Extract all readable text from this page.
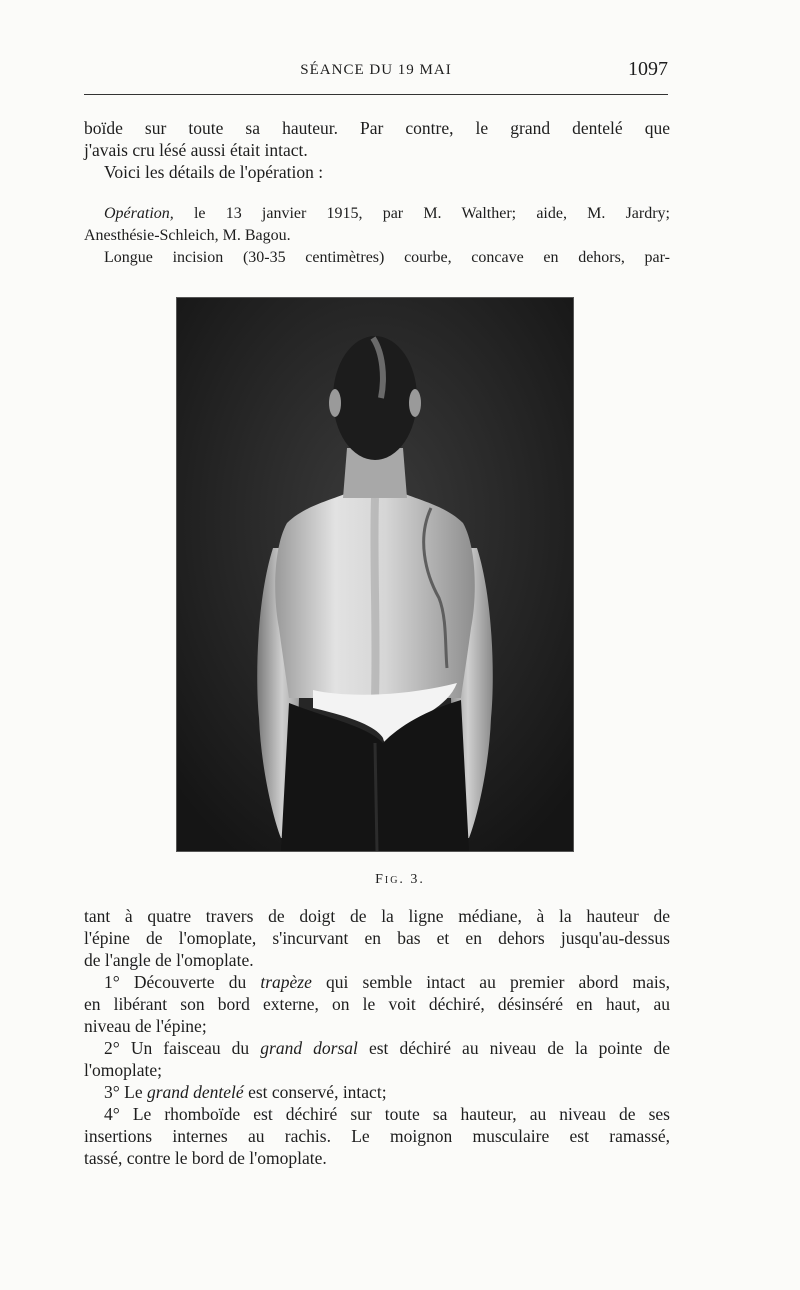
SÉANCE DU 19 MAI	1097

boïde sur toute sa hauteur. Par contre, le grand dentelé que

j'avais cru lésé aussi était intact.

Voici les détails de l'opération :

Opération, le 13 janvier 1915, par M. Walther; aide, M. Jardry;

Anesthésie-Schleich, M. Bagou.

Longue incision (30-35 centimètres) courbe, concave en dehors, par-

Fig. 3.

tant à quatre travers de doigt de la ligne médiane, à la hauteur de

l'épine de l'omoplate, s'incurvant en bas et en dehors jusqu'au-dessus

de l'angle de l'omoplate.

1° Découverte du trapèze qui semble intact au premier abord mais,

en libérant son bord externe, on le voit déchiré, désinséré en haut, au

niveau de l'épine;

2° Un faisceau du grand dorsal est déchiré au niveau de la pointe de

l'omoplate;

3° Le grand dentelé est conservé, intact;

4° Le rhomboïde est déchiré sur toute sa hauteur, au niveau de ses

insertions internes au rachis. Le moignon musculaire est ramassé,

tassé, contre le bord de l'omoplate.
